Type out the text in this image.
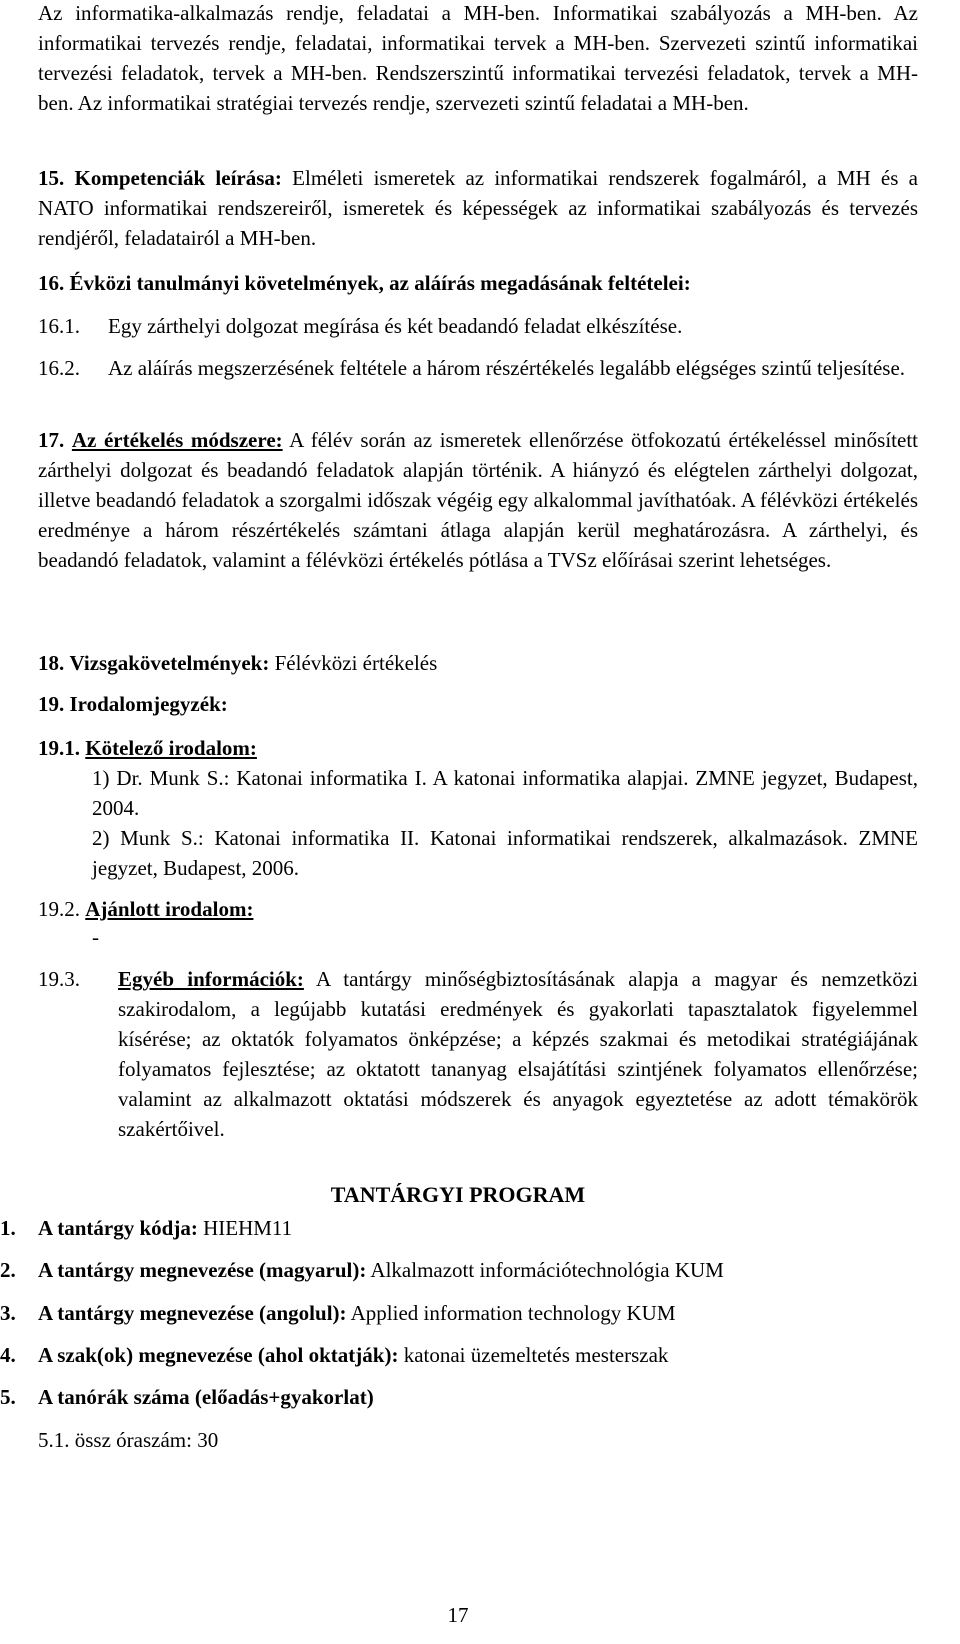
Az informatika-alkalmazás rendje, feladatai a MH-ben. Informatikai szabályozás a MH-ben. Az informatikai tervezés rendje, feladatai, informatikai tervek a MH-ben. Szervezeti szintű informatikai tervezési feladatok, tervek a MH-ben. Rendszerszintű informatikai tervezési feladatok, tervek a MH-ben. Az informatikai stratégiai tervezés rendje, szervezeti szintű feladatai a MH-ben.

15. Kompetenciák leírása: Elméleti ismeretek az informatikai rendszerek fogalmáról, a MH és a NATO informatikai rendszereiről, ismeretek és képességek az informatikai szabályozás és tervezés rendjéről, feladatairól a MH-ben.

16. Évközi tanulmányi követelmények, az aláírás megadásának feltételei:
16.1. Egy zárthelyi dolgozat megírása és két beadandó feladat elkészítése.

16.2. Az aláírás megszerzésének feltétele a három részértékelés legalább elégséges szintű teljesítése.

17. Az értékelés módszere: A félév során az ismeretek ellenőrzése ötfokozatú értékeléssel minősített zárthelyi dolgozat és beadandó feladatok alapján történik. A hiányzó és elégtelen zárthelyi dolgozat, illetve beadandó feladatok a szorgalmi időszak végéig egy alkalommal javíthatóak. A félévközi értékelés eredménye a három részértékelés számtani átlaga alapján kerül meghatározásra. A zárthelyi, és beadandó feladatok, valamint a félévközi értékelés pótlása a TVSz előírásai szerint lehetséges.

18. Vizsgakövetelmények: Félévközi értékelés
19. Irodalomjegyzék:
19.1. Kötelező irodalom:

1) Dr. Munk S.: Katonai informatika I. A katonai informatika alapjai. ZMNE jegyzet, Budapest, 2004.

2) Munk S.: Katonai informatika II. Katonai informatikai rendszerek, alkalmazások. ZMNE jegyzet, Budapest, 2006.

19.2. Ajánlott irodalom:
-
19.3. Egyéb információk: A tantárgy minőségbiztosításának alapja a magyar és nemzetközi szakirodalom, a legújabb kutatási eredmények és gyakorlati tapasztalatok figyelemmel kísérése; az oktatók folyamatos önképzése; a képzés szakmai és metodikai stratégiájának folyamatos fejlesztése; az oktatott tananyag elsajátítási szintjének folyamatos ellenőrzése; valamint az alkalmazott oktatási módszerek és anyagok egyeztetése az adott témakörök szakértőivel.

TANTÁRGYI PROGRAM
1. A tantárgy kódja: HIEHM11
2. A tantárgy megnevezése (magyarul): Alkalmazott információtechnológia KUM
3. A tantárgy megnevezése (angolul): Applied information technology KUM
4. A szak(ok) megnevezése (ahol oktatják): katonai üzemeltetés mesterszak
5. A tanórák száma (előadás+gyakorlat)
5.1. össz óraszám: 30
17
